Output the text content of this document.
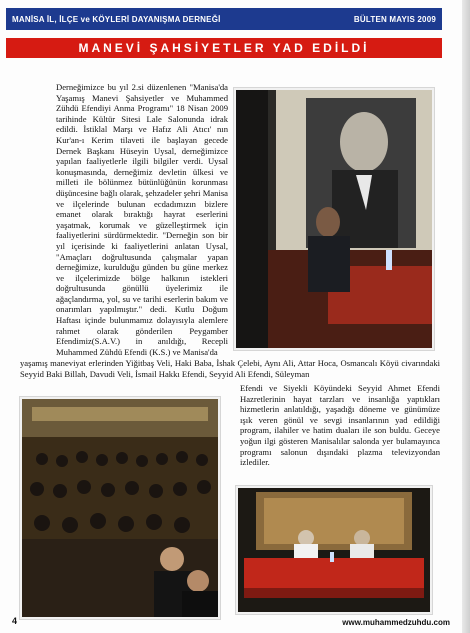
MANİSA İL, İLÇE ve KÖYLERİ DAYANIŞMA DERNEĞİ	BÜLTEN MAYIS 2009
MANEVİ ŞAHSİYETLER YAD EDİLDİ
Derneğimizce bu yıl 2.si düzenlenen "Manisa'da Yaşamış Manevi Şahsiyetler ve Muhammed Zühdü Efendiyi Anma Programı" 18 Nisan 2009 tarihinde Kültür Sitesi Lale Salonunda idrak edildi. İstiklal Marşı ve Hafız Ali Atıcı' nın Kur'an-ı Kerim tilaveti ile başlayan gecede Dernek Başkanı Hüseyin Uysal, derneğimizce yapılan faaliyetlerle ilgili bilgiler verdi. Uysal konuşmasında, derneğimiz devletin ülkesi ve milleti ile bölünmez bütünlüğünün korunması düşüncesine bağlı olarak, şehzadeler şehri Manisa ve ilçelerinde bulunan ecdadımızın bizlere emanet olarak bıraktığı hayrat eserlerini yaşatmak, korumak ve güzelleştirmek için faaliyetlerini sürdürmektedir. "Derneğin son bir yıl içerisinde ki faaliyetlerini anlatan Uysal, "Amaçları doğrultusunda çalışmalar yapan derneğimize, kurulduğu günden bu güne merkez ve ilçelerimizde bölge halkının istekleri doğrultusunda gönüllü üyelerimiz ile ağaçlandırma, yol, su ve tarihi eserlerin bakım ve onarımları yapılmıştır." dedi. Kutlu Doğum Haftası içinde bulunmamız dolayısıyla alemlere rahmet olarak gönderilen Peygamber Efendimiz(S.A.V.) in anıldığı, Recepli Muhammed Zühdü Efendi (K.S.) ve Manisa'da
yaşamış maneviyat erlerinden Yiğitbaş Veli, Haki Baba, İshak Çelebi, Aynı Ali, Attar Hoca, Osmancalı Köyü civarındaki Seyyid Baki Billah, Davudi Veli, İsmail Hakkı Efendi, Seyyid Ali Efendi, Süleyman
Efendi ve Siyekli Köyündeki Seyyid Ahmet Efendi Hazretlerinin hayat tarzları ve insanlığa yaptıkları hizmetlerin anlatıldığı, yaşadığı döneme ve günümüze ışık veren gönül ve sevgi insanlarının yad edildiği program, ilahiler ve hatim duaları ile son buldu. Geceye yoğun ilgi gösteren Manisalılar salonda yer bulamayınca programı salonun dışındaki plazma televizyondan izlediler.
4	www.muhammedzuhdu.com
